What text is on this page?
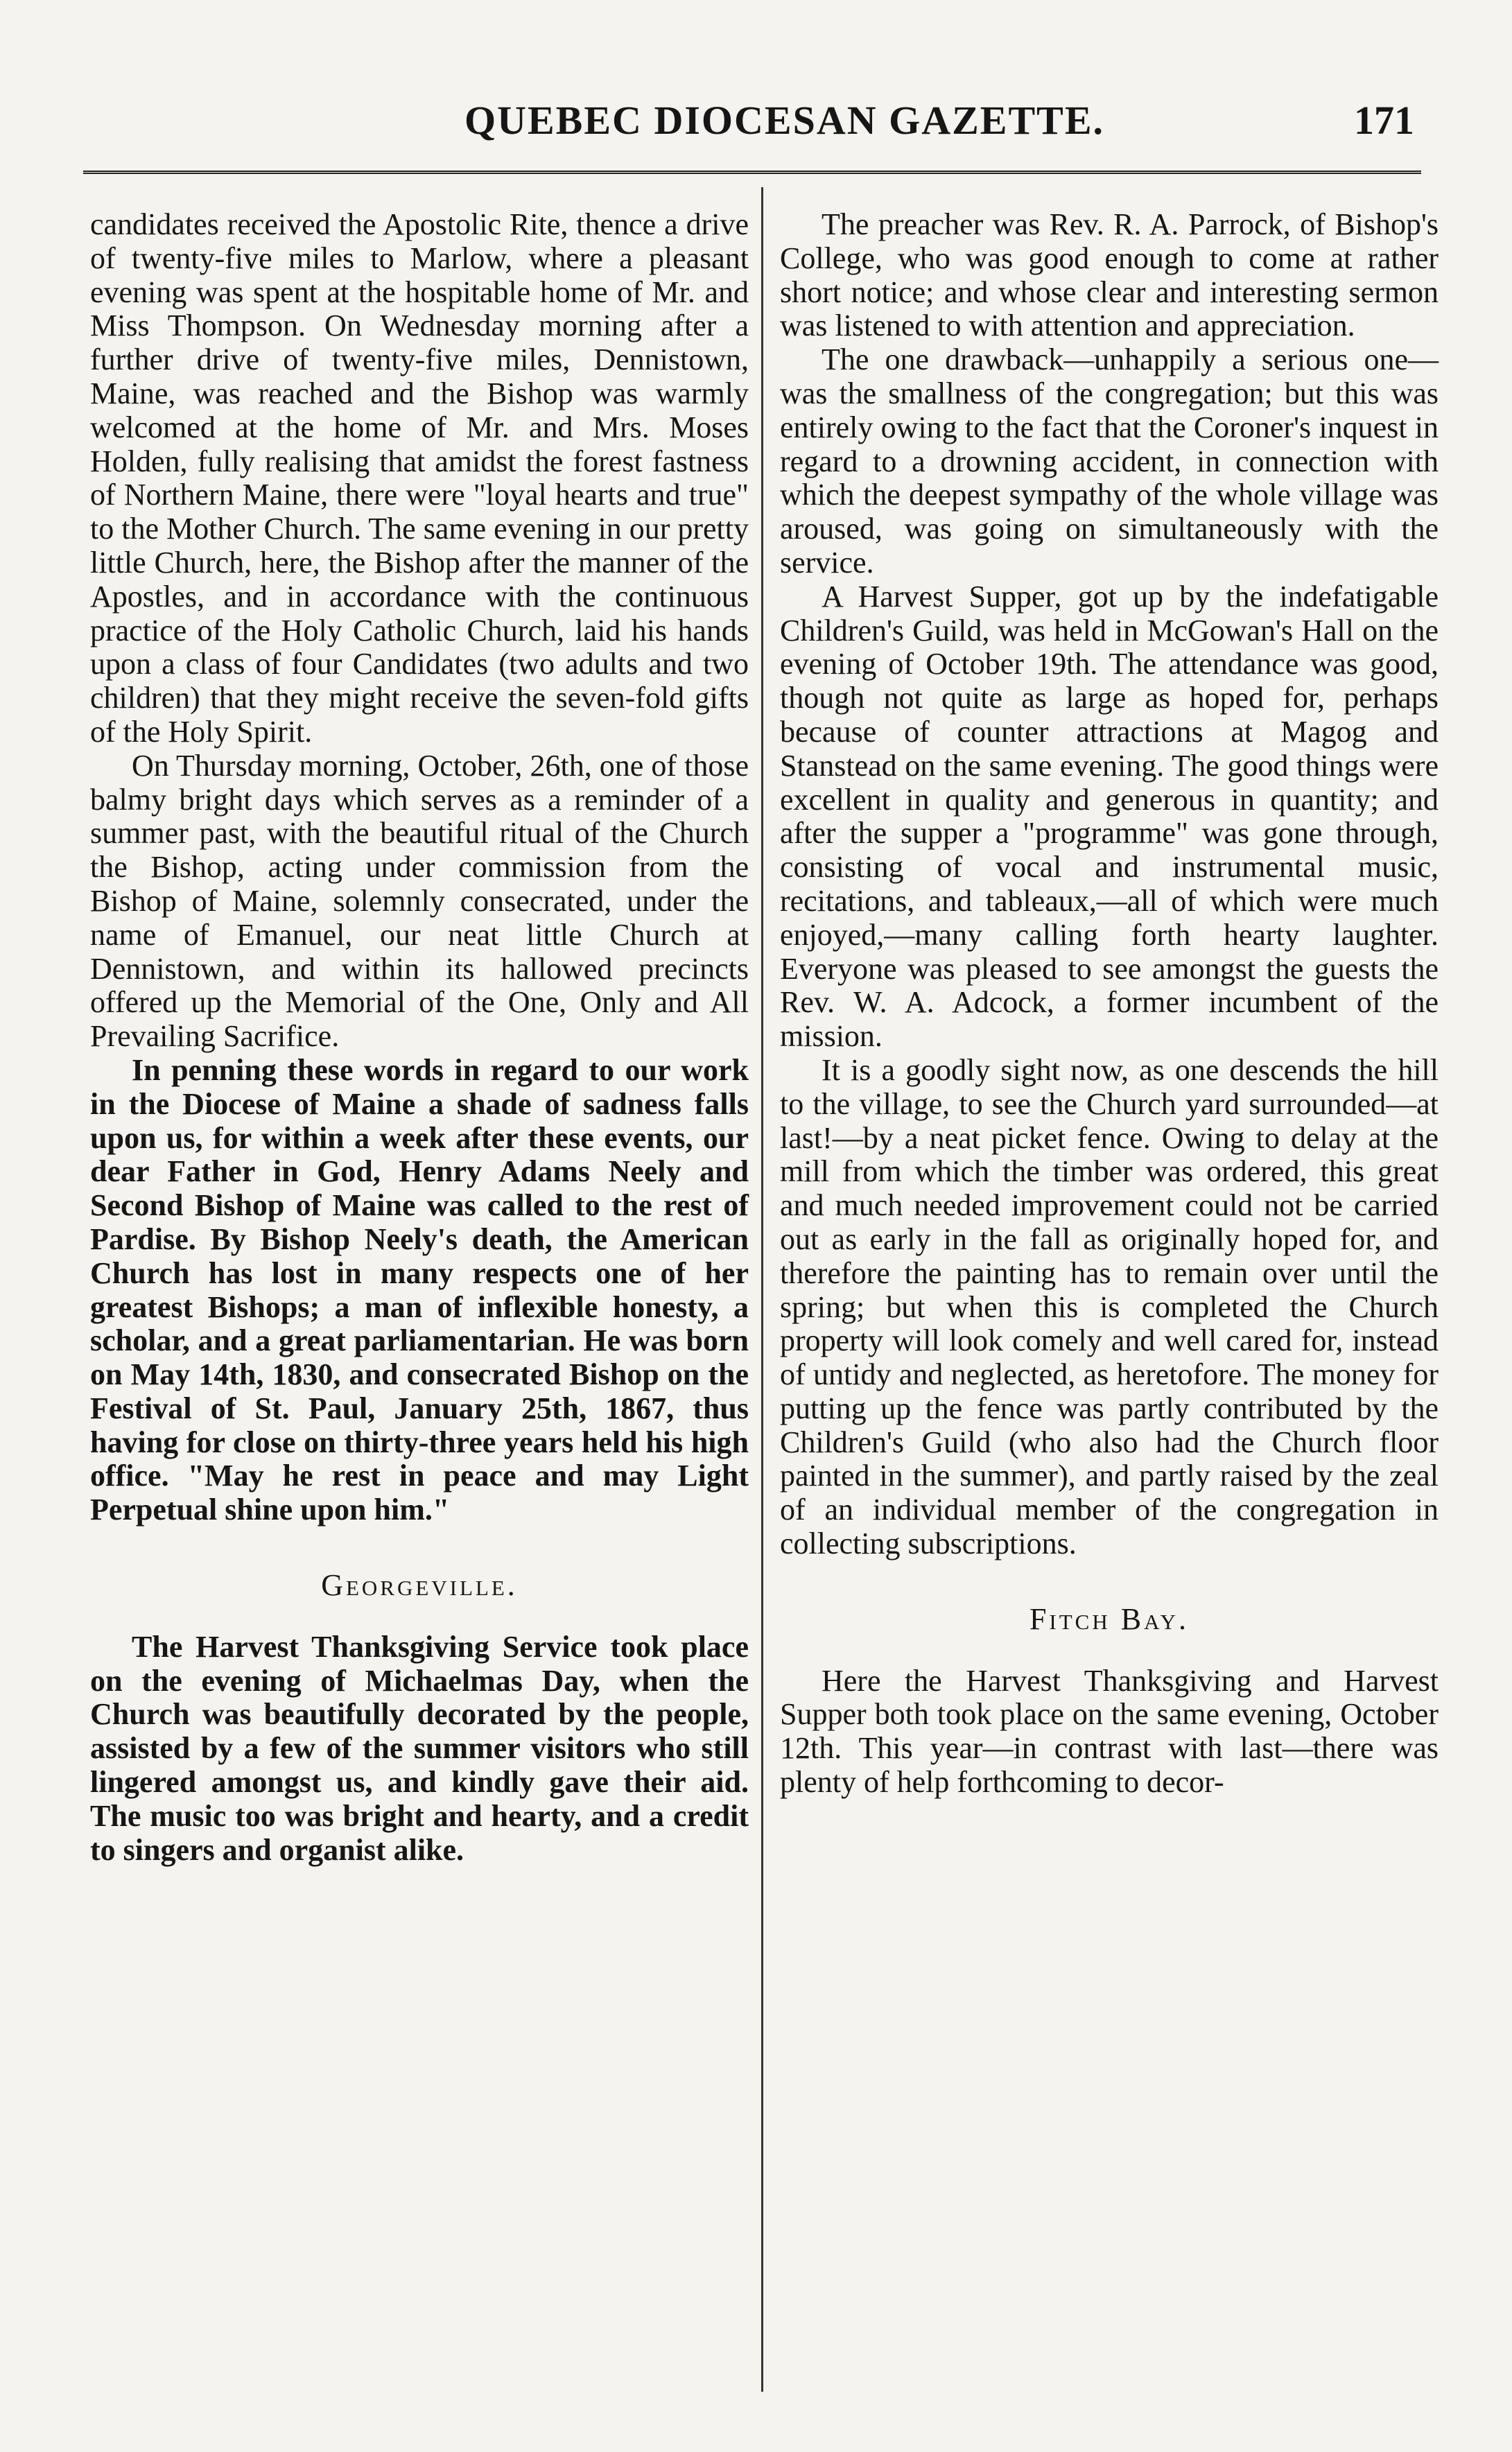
QUEBEC DIOCESAN GAZETTE.	171

candidates received the Apostolic Rite, thence a drive of twenty-five miles to Marlow, where a pleasant evening was spent at the hospitable home of Mr. and Miss Thompson. On Wednesday morning after a further drive of twenty-five miles, Dennistown, Maine, was reached and the Bishop was warmly welcomed at the home of Mr. and Mrs. Moses Holden, fully realising that amidst the forest fastness of Northern Maine, there were "loyal hearts and true" to the Mother Church. The same evening in our pretty little Church, here, the Bishop after the manner of the Apostles, and in accordance with the continuous practice of the Holy Catholic Church, laid his hands upon a class of four Candidates (two adults and two children) that they might receive the seven-fold gifts of the Holy Spirit.

On Thursday morning, October, 26th, one of those balmy bright days which serves as a reminder of a summer past, with the beautiful ritual of the Church the Bishop, acting under commission from the Bishop of Maine, solemnly consecrated, under the name of Emanuel, our neat little Church at Dennistown, and within its hallowed precincts offered up the Memorial of the One, Only and All Prevailing Sacrifice.

In penning these words in regard to our work in the Diocese of Maine a shade of sadness falls upon us, for within a week after these events, our dear Father in God, Henry Adams Neely and Second Bishop of Maine was called to the rest of Pardise. By Bishop Neely's death, the American Church has lost in many respects one of her greatest Bishops; a man of inflexible honesty, a scholar, and a great parliamentarian. He was born on May 14th, 1830, and consecrated Bishop on the Festival of St. Paul, January 25th, 1867, thus having for close on thirty-three years held his high office. "May he rest in peace and may Light Perpetual shine upon him."

Georgeville.

The Harvest Thanksgiving Service took place on the evening of Michaelmas Day, when the Church was beautifully decorated by the people, assisted by a few of the summer visitors who still lingered amongst us, and kindly gave their aid. The music too was bright and hearty, and a credit to singers and organist alike.

The preacher was Rev. R. A. Parrock, of Bishop's College, who was good enough to come at rather short notice; and whose clear and interesting sermon was listened to with attention and appreciation.

The one drawback—unhappily a serious one—was the smallness of the congregation; but this was entirely owing to the fact that the Coroner's inquest in regard to a drowning accident, in connection with which the deepest sympathy of the whole village was aroused, was going on simultaneously with the service.

A Harvest Supper, got up by the indefatigable Children's Guild, was held in McGowan's Hall on the evening of October 19th. The attendance was good, though not quite as large as hoped for, perhaps because of counter attractions at Magog and Stanstead on the same evening. The good things were excellent in quality and generous in quantity; and after the supper a "programme" was gone through, consisting of vocal and instrumental music, recitations, and tableaux,—all of which were much enjoyed,—many calling forth hearty laughter. Everyone was pleased to see amongst the guests the Rev. W. A. Adcock, a former incumbent of the mission.

It is a goodly sight now, as one descends the hill to the village, to see the Church yard surrounded—at last!—by a neat picket fence. Owing to delay at the mill from which the timber was ordered, this great and much needed improvement could not be carried out as early in the fall as originally hoped for, and therefore the painting has to remain over until the spring; but when this is completed the Church property will look comely and well cared for, instead of untidy and neglected, as heretofore. The money for putting up the fence was partly contributed by the Children's Guild (who also had the Church floor painted in the summer), and partly raised by the zeal of an individual member of the congregation in collecting subscriptions.

Fitch Bay.

Here the Harvest Thanksgiving and Harvest Supper both took place on the same evening, October 12th. This year—in contrast with last—there was plenty of help forthcoming to decor-
